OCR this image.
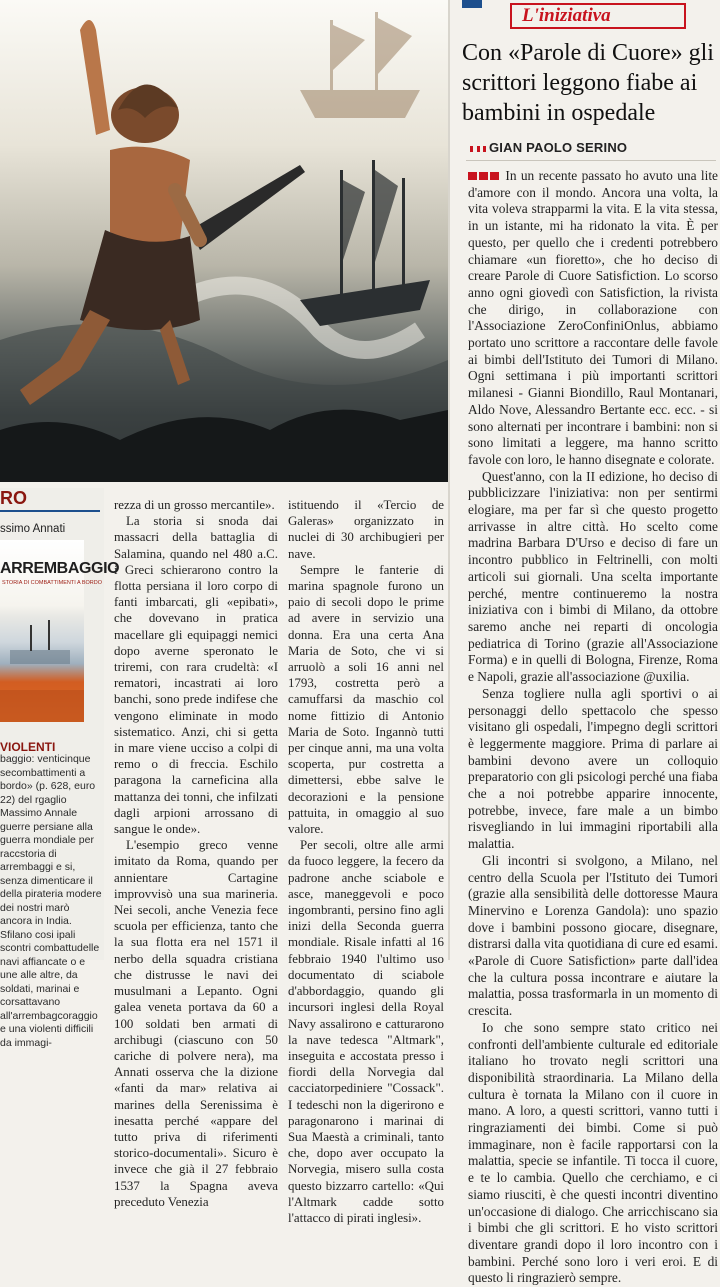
L'iniziativa
Con «Parole di Cuore» gli scrittori leggono fiabe ai bambini in ospedale
GIAN PAOLO SERINO

In un recente passato ho avuto una lite d'amore con il mondo. Ancora una volta, la vita voleva strapparmi la vita. E la vita stessa, in un istante, mi ha ridonato la vita. È per questo, per quello che i credenti potrebbero chiamare «un fioretto», che ho deciso di creare Parole di Cuore Satisfiction. Lo scorso anno ogni giovedì con Satisfiction, la rivista che dirigo, in collaborazione con l'Associazione ZeroConfiniOnlus, abbiamo portato uno scrittore a raccontare delle favole ai bimbi dell'Istituto dei Tumori di Milano. Ogni settimana i più importanti scrittori milanesi - Gianni Biondillo, Raul Montanari, Aldo Nove, Alessandro Bertante ecc. ecc. - si sono alternati per incontrare i bambini: non si sono limitati a leggere, ma hanno scritto favole con loro, le hanno disegnate e colorate.

Quest'anno, con la II edizione, ho deciso di pubblicizzare l'iniziativa: non per sentirmi elogiare, ma per far sì che questo progetto arrivasse in altre città. Ho scelto come madrina Barbara D'Urso e deciso di fare un incontro pubblico in Feltrinelli, con molti articoli sui giornali. Una scelta importante perché, mentre continueremo la nostra iniziativa con i bimbi di Milano, da ottobre saremo anche nei reparti di oncologia pediatrica di Torino (grazie all'Associazione Forma) e in quelli di Bologna, Firenze, Roma e Napoli, grazie all'associazione @uxilia.

Senza togliere nulla agli sportivi o ai personaggi dello spettacolo che spesso visitano gli ospedali, l'impegno degli scrittori è leggermente maggiore. Prima di parlare ai bambini devono avere un colloquio preparatorio con gli psicologi perché una fiaba che a noi potrebbe apparire innocente, potrebbe, invece, fare male a un bimbo risvegliando in lui immagini riportabili alla malattia.

Gli incontri si svolgono, a Milano, nel centro della Scuola per l'Istituto dei Tumori (grazie alla sensibilità delle dottoresse Maura Minervino e Lorenza Gandola): uno spazio dove i bambini possono giocare, disegnare, distrarsi dalla vita quotidiana di cure ed esami. «Parole di Cuore Satisfiction» parte dall'idea che la cultura possa incontrare e aiutare la malattia, possa trasformarla in un momento di crescita.

Io che sono sempre stato critico nei confronti dell'ambiente culturale ed editoriale italiano ho trovato negli scrittori una disponibilità straordinaria. La Milano della cultura è tornata la Milano con il cuore in mano. A loro, a questi scrittori, vanno tutti i ringraziamenti dei bimbi. Come si può immaginare, non è facile rapportarsi con la malattia, specie se infantile. Ti tocca il cuore, e te lo cambia. Quello che cerchiamo, e ci siamo riusciti, è che questi incontri diventino un'occasione di dialogo. Che arricchiscano sia i bimbi che gli scrittori. E ho visto scrittori diventare grandi dopo il loro incontro con i bambini. Perché sono loro i veri eroi. E di questo li ringrazierò sempre.

RO
ssimo Annati
ARREMBAGGIO
STORIA DI COMBATTIMENTI A BORDO
VIOLENTI
baggio: venticinque secombattimenti a bordo» (p. 628, euro 22) del rgaglio Massimo Annale guerre persiane alla guerra mondiale per raccstoria di arrembaggi e si, senza dimenticare il della pirateria modere dei nostri marò ancora in India. Sfilano cosi ipali scontri combattudelle navi affiancate o e une alle altre, da soldati, marinai e corsattavano all'arrembagcoraggio e una violenti difficili da immagi-

rezza di un grosso mercantile».

La storia si snoda dai massacri della battaglia di Salamina, quando nel 480 a.C. i Greci schierarono contro la flotta persiana il loro corpo di fanti imbarcati, gli «epibati», che dovevano in pratica macellare gli equipaggi nemici dopo averne speronato le triremi, con rara crudeltà: «I rematori, incastrati ai loro banchi, sono prede indifese che vengono eliminate in modo sistematico. Anzi, chi si getta in mare viene ucciso a colpi di remo o di freccia. Eschilo paragona la carneficina alla mattanza dei tonni, che infilzati dagli arpioni arrossano di sangue le onde».

L'esempio greco venne imitato da Roma, quando per annientare Cartagine improvvisò una sua marineria. Nei secoli, anche Venezia fece scuola per efficienza, tanto che la sua flotta era nel 1571 il nerbo della squadra cristiana che distrusse le navi dei musulmani a Lepanto. Ogni galea veneta portava da 60 a 100 soldati ben armati di archibugi (ciascuno con 50 cariche di polvere nera), ma Annati osserva che la dizione «fanti da mar» relativa ai marines della Serenissima è inesatta perché «appare del tutto priva di riferimenti storico-documentali». Sicuro è invece che già il 27 febbraio 1537 la Spagna aveva preceduto Venezia

istituendo il «Tercio de Galeras» organizzato in nuclei di 30 archibugieri per nave.

Sempre le fanterie di marina spagnole furono un paio di secoli dopo le prime ad avere in servizio una donna. Era una certa Ana Maria de Soto, che vi si arruolò a soli 16 anni nel 1793, costretta però a camuffarsi da maschio col nome fittizio di Antonio Maria de Soto. Ingannò tutti per cinque anni, ma una volta scoperta, pur costretta a dimettersi, ebbe salve le decorazioni e la pensione pattuita, in omaggio al suo valore.

Per secoli, oltre alle armi da fuoco leggere, la fecero da padrone anche sciabole e asce, maneggevoli e poco ingombranti, persino fino agli inizi della Seconda guerra mondiale. Risale infatti al 16 febbraio 1940 l'ultimo uso documentato di sciabole d'abbordaggio, quando gli incursori inglesi della Royal Navy assalirono e catturarono la nave tedesca "Altmark", inseguita e accostata presso i fiordi della Norvegia dal cacciatorpediniere "Cossack". I tedeschi non la digerirono e paragonarono i marinai di Sua Maestà a criminali, tanto che, dopo aver occupato la Norvegia, misero sulla costa questo bizzarro cartello: «Qui l'Altmark cadde sotto l'attacco di pirati inglesi».
